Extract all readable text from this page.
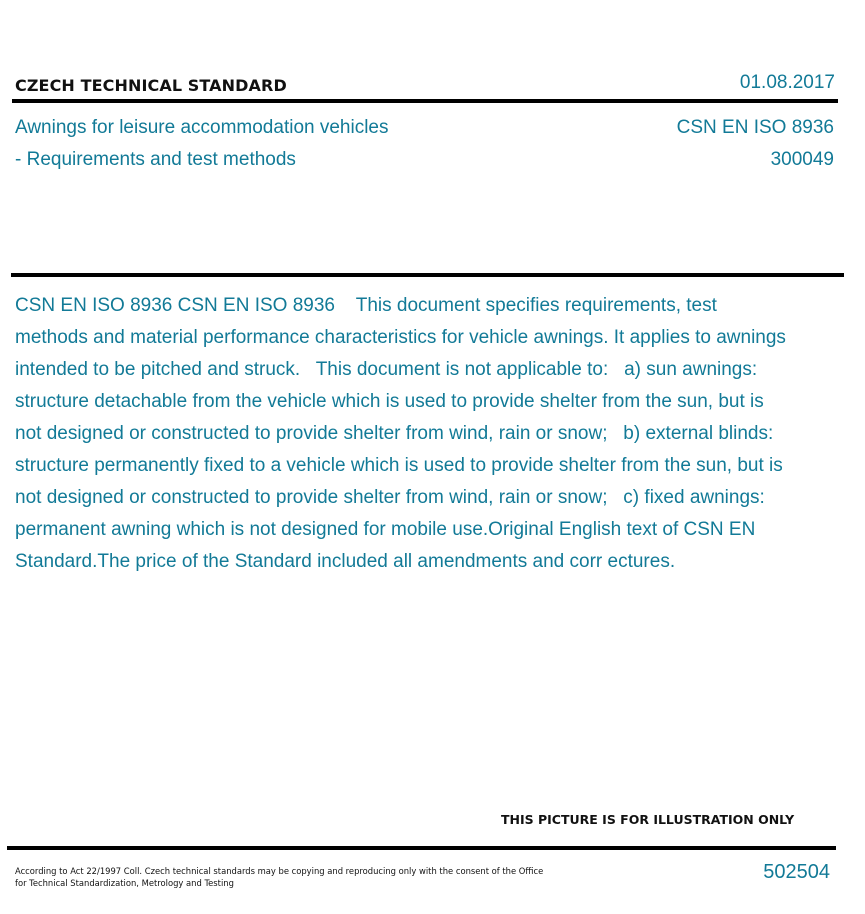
CZECH TECHNICAL STANDARD	01.08.2017
Awnings for leisure accommodation vehicles
- Requirements and test methods
CSN EN ISO 8936
300049
CSN EN ISO 8936 CSN EN ISO 8936    This document specifies requirements, test methods and material performance characteristics for vehicle awnings. It applies to awnings intended to be pitched and struck.   This document is not applicable to:   a) sun awnings: structure detachable from the vehicle which is used to provide shelter from the sun, but is not designed or constructed to provide shelter from wind, rain or snow;   b) external blinds: structure permanently fixed to a vehicle which is used to provide shelter from the sun, but is not designed or constructed to provide shelter from wind, rain or snow;   c) fixed awnings: permanent awning which is not designed for mobile use.Original English text of CSN EN Standard.The price of the Standard included all amendments and corr ectures.
THIS PICTURE IS FOR ILLUSTRATION ONLY
According to Act 22/1997 Coll. Czech technical standards may be copying and reproducing only with the consent of the Office
for Technical Standardization, Metrology and Testing	502504
